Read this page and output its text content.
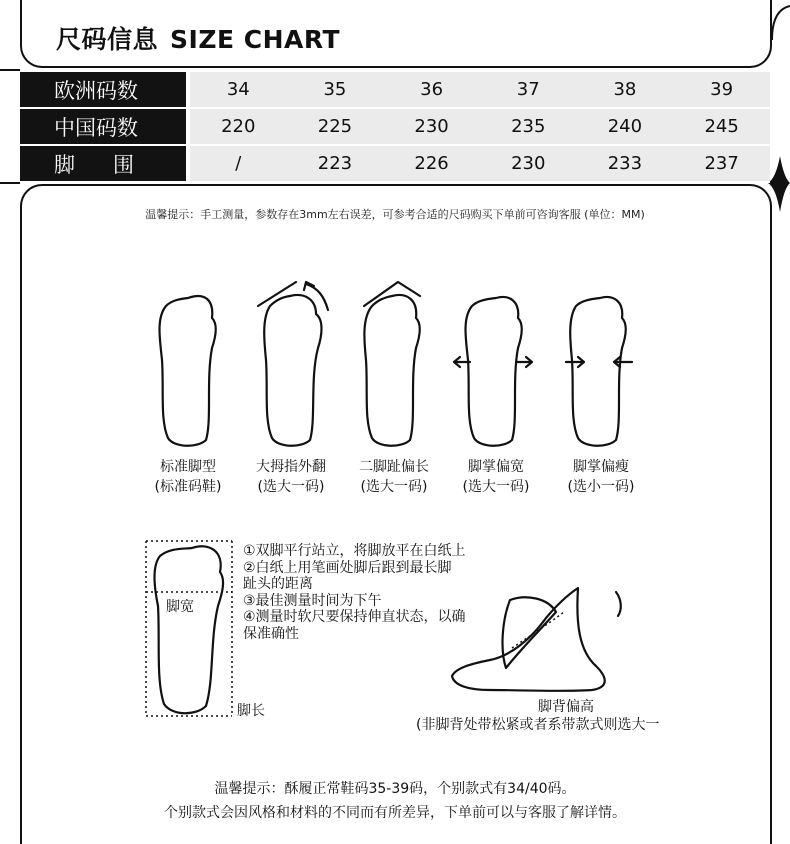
尺码信息 SIZE CHART
欧洲码数		34	35	36	37	38	39
中国码数		220	225	230	235	240	245
脚围		/	223	226	230	233	237
温馨提示：手工测量，参数存在3mm左右误差，可参考合适的尺码购买下单前可咨询客服 (单位：MM)
标准脚型
(标准码鞋)
大拇指外翻
(选大一码)
二脚趾偏长
(选大一码)
脚掌偏宽
(选大一码)
脚掌偏瘦
(选小一码)
脚宽
脚长
①双脚平行站立，将脚放平在白纸上
②白纸上用笔画处脚后跟到最长脚
趾头的距离
③最佳测量时间为下午
④测量时软尺要保持伸直状态，以确
保准确性
脚背偏高
(非脚背处带松紧或者系带款式则选大一
温馨提示：酥履正常鞋码35-39码，个别款式有34/40码。
个别款式会因风格和材料的不同而有所差异，下单前可以与客服了解详情。
